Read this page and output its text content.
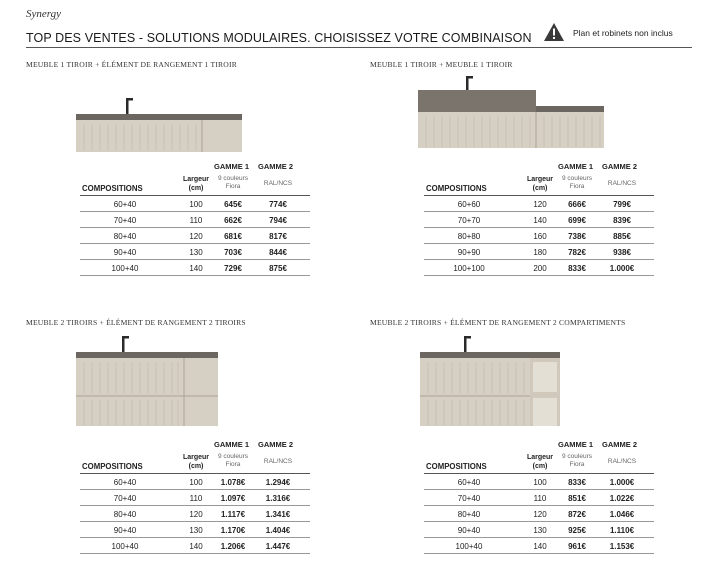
Synergy
TOP DES VENTES - SOLUTIONS MODULAIRES. CHOISISSEZ VOTRE COMBINAISON	Plan et robinets non inclus
MEUBLE 1 TIROIR + ÉLÉMENT DE RANGEMENT 1 TIROIR
GAMME 1 GAMME 2
COMPOSITIONS
Largeur
(cm)
9 couleurs
Fiora	RAL/NCS
60+40	100	645€	774€
70+40	110	662€	794€
80+40	120	681€	817€
90+40	130	703€	844€
100+40	140	729€	875€
MEUBLE 1 TIROIR + MEUBLE 1 TIROIR
GAMME 1 GAMME 2
COMPOSITIONS
Largeur
(cm)
9 couleurs
Fiora	RAL/NCS
60+60	120	666€	799€
70+70	140	699€	839€
80+80	160	738€	885€
90+90	180	782€	938€
100+100	200	833€	1.000€
MEUBLE 2 TIROIRS + ÉLÉMENT DE RANGEMENT 2 TIROIRS
GAMME 1 GAMME 2
COMPOSITIONS
Largeur
(cm)
9 couleurs
Fiora	RAL/NCS
60+40	100	1.078€	1.294€
70+40	110	1.097€	1.316€
80+40	120	1.117€	1.341€
90+40	130	1.170€	1.404€
100+40	140	1.206€	1.447€
MEUBLE 2 TIROIRS + ÉLÉMENT DE RANGEMENT 2 COMPARTIMENTS
GAMME 1 GAMME 2
COMPOSITIONS
Largeur
(cm)
9 couleurs
Fiora	RAL/NCS
60+40	100	833€	1.000€
70+40	110	851€	1.022€
80+40	120	872€	1.046€
90+40	130	925€	1.110€
100+40	140	961€	1.153€
